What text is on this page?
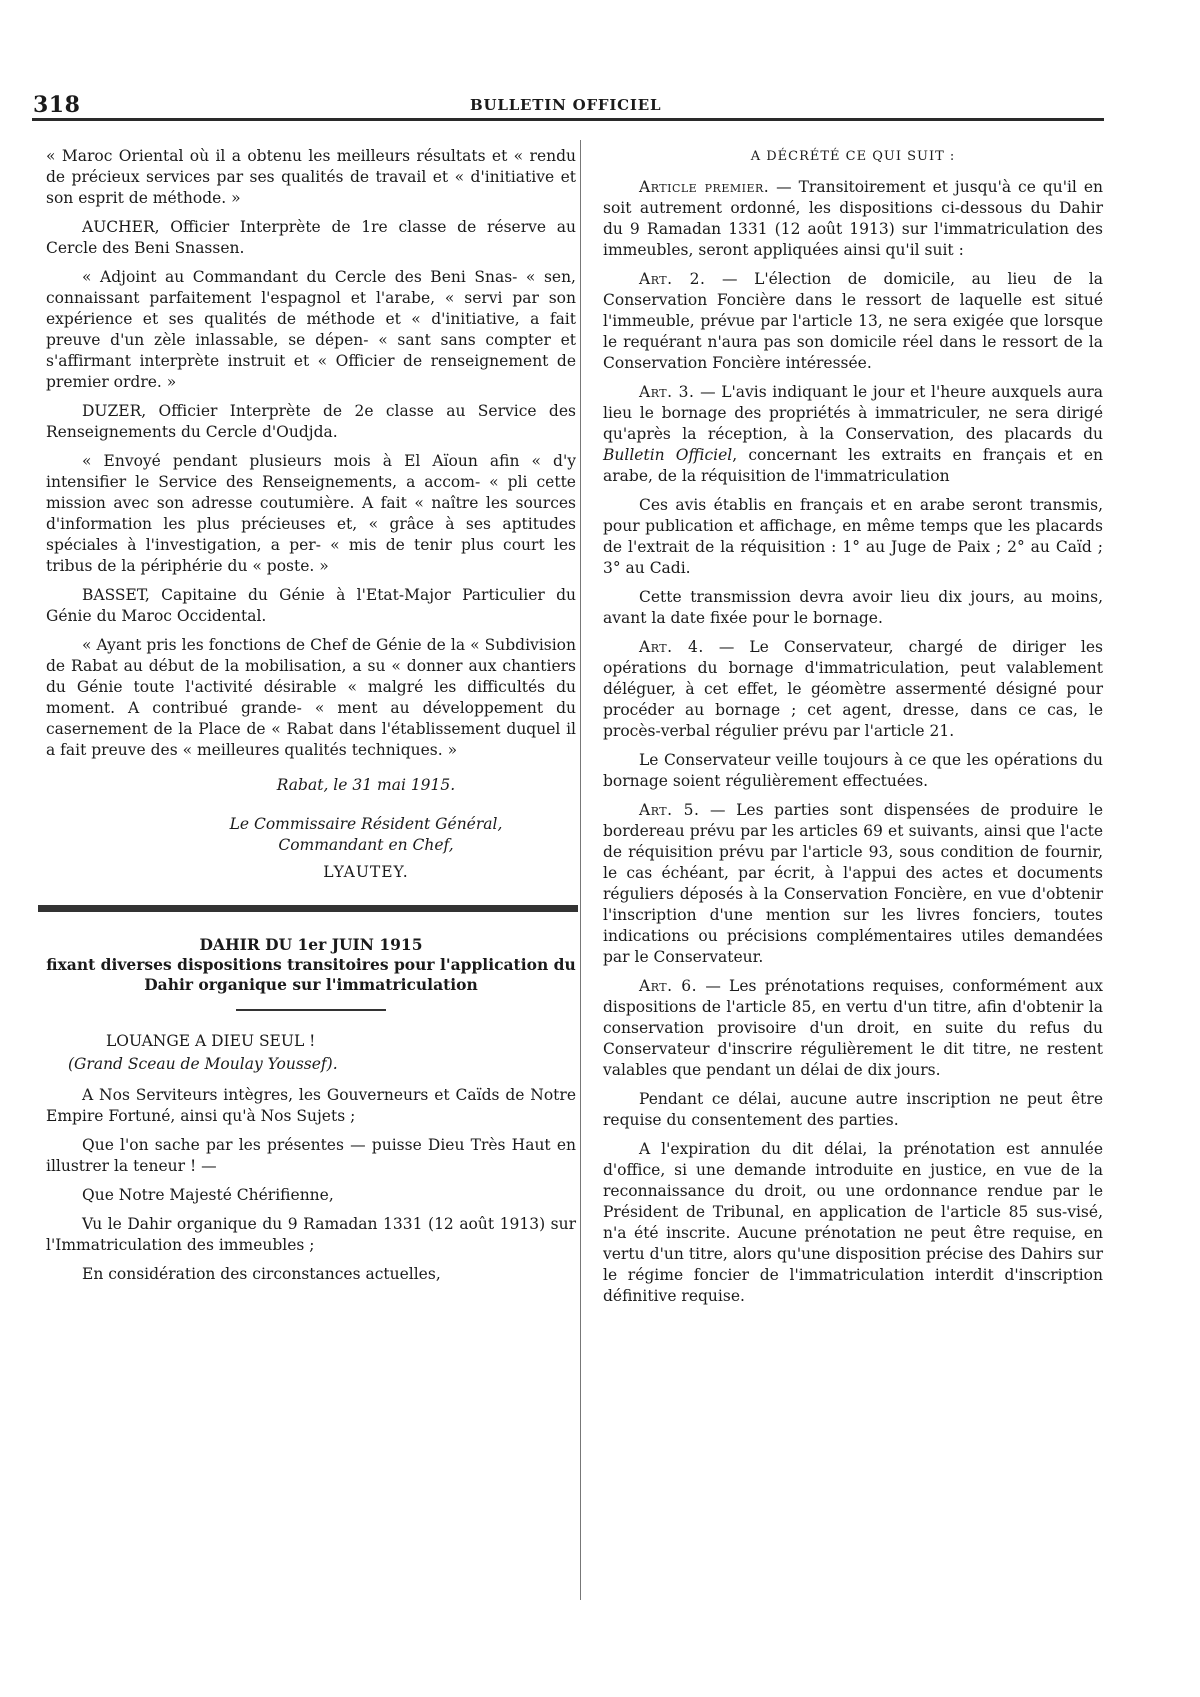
318	BULLETIN OFFICIEL

« Maroc Oriental où il a obtenu les meilleurs résultats et « rendu de précieux services par ses qualités de travail et « d'initiative et son esprit de méthode. »

AUCHER, Officier Interprète de 1re classe de réserve au Cercle des Beni Snassen.

« Adjoint au Commandant du Cercle des Beni Snas- « sen, connaissant parfaitement l'espagnol et l'arabe, « servi par son expérience et ses qualités de méthode et « d'initiative, a fait preuve d'un zèle inlassable, se dépen- « sant sans compter et s'affirmant interprète instruit et « Officier de renseignement de premier ordre. »

DUZER, Officier Interprète de 2e classe au Service des Renseignements du Cercle d'Oudjda.

« Envoyé pendant plusieurs mois à El Aïoun afin « d'y intensifier le Service des Renseignements, a accom- « pli cette mission avec son adresse coutumière. A fait « naître les sources d'information les plus précieuses et, « grâce à ses aptitudes spéciales à l'investigation, a per- « mis de tenir plus court les tribus de la périphérie du « poste. »

BASSET, Capitaine du Génie à l'Etat-Major Particulier du Génie du Maroc Occidental.

« Ayant pris les fonctions de Chef de Génie de la « Subdivision de Rabat au début de la mobilisation, a su « donner aux chantiers du Génie toute l'activité désirable « malgré les difficultés du moment. A contribué grande- « ment au développement du casernement de la Place de « Rabat dans l'établissement duquel il a fait preuve des « meilleures qualités techniques. »

Rabat, le 31 mai 1915.

Le Commissaire Résident Général,

Commandant en Chef,

LYAUTEY.

DAHIR DU 1er JUIN 1915

fixant diverses dispositions transitoires pour l'application du Dahir organique sur l'immatriculation

LOUANGE A DIEU SEUL !

(Grand Sceau de Moulay Youssef).

A Nos Serviteurs intègres, les Gouverneurs et Caïds de Notre Empire Fortuné, ainsi qu'à Nos Sujets ;

Que l'on sache par les présentes — puisse Dieu Très Haut en illustrer la teneur ! —

Que Notre Majesté Chérifienne,

Vu le Dahir organique du 9 Ramadan 1331 (12 août 1913) sur l'Immatriculation des immeubles ;

En considération des circonstances actuelles,

A DÉCRÉTÉ CE QUI SUIT :

Article premier. — Transitoirement et jusqu'à ce qu'il en soit autrement ordonné, les dispositions ci-dessous du Dahir du 9 Ramadan 1331 (12 août 1913) sur l'immatriculation des immeubles, seront appliquées ainsi qu'il suit :

Art. 2. — L'élection de domicile, au lieu de la Conservation Foncière dans le ressort de laquelle est situé l'immeuble, prévue par l'article 13, ne sera exigée que lorsque le requérant n'aura pas son domicile réel dans le ressort de la Conservation Foncière intéressée.

Art. 3. — L'avis indiquant le jour et l'heure auxquels aura lieu le bornage des propriétés à immatriculer, ne sera dirigé qu'après la réception, à la Conservation, des placards du Bulletin Officiel, concernant les extraits en français et en arabe, de la réquisition de l'immatriculation

Ces avis établis en français et en arabe seront transmis, pour publication et affichage, en même temps que les placards de l'extrait de la réquisition : 1° au Juge de Paix ; 2° au Caïd ; 3° au Cadi.

Cette transmission devra avoir lieu dix jours, au moins, avant la date fixée pour le bornage.

Art. 4. — Le Conservateur, chargé de diriger les opérations du bornage d'immatriculation, peut valablement déléguer, à cet effet, le géomètre assermenté désigné pour procéder au bornage ; cet agent, dresse, dans ce cas, le procès-verbal régulier prévu par l'article 21.

Le Conservateur veille toujours à ce que les opérations du bornage soient régulièrement effectuées.

Art. 5. — Les parties sont dispensées de produire le bordereau prévu par les articles 69 et suivants, ainsi que l'acte de réquisition prévu par l'article 93, sous condition de fournir, le cas échéant, par écrit, à l'appui des actes et documents réguliers déposés à la Conservation Foncière, en vue d'obtenir l'inscription d'une mention sur les livres fonciers, toutes indications ou précisions complémentaires utiles demandées par le Conservateur.

Art. 6. — Les prénotations requises, conformément aux dispositions de l'article 85, en vertu d'un titre, afin d'obtenir la conservation provisoire d'un droit, en suite du refus du Conservateur d'inscrire régulièrement le dit titre, ne restent valables que pendant un délai de dix jours.

Pendant ce délai, aucune autre inscription ne peut être requise du consentement des parties.

A l'expiration du dit délai, la prénotation est annulée d'office, si une demande introduite en justice, en vue de la reconnaissance du droit, ou une ordonnance rendue par le Président de Tribunal, en application de l'article 85 sus-visé, n'a été inscrite. Aucune prénotation ne peut être requise, en vertu d'un titre, alors qu'une disposition précise des Dahirs sur le régime foncier de l'immatriculation interdit d'inscription définitive requise.
